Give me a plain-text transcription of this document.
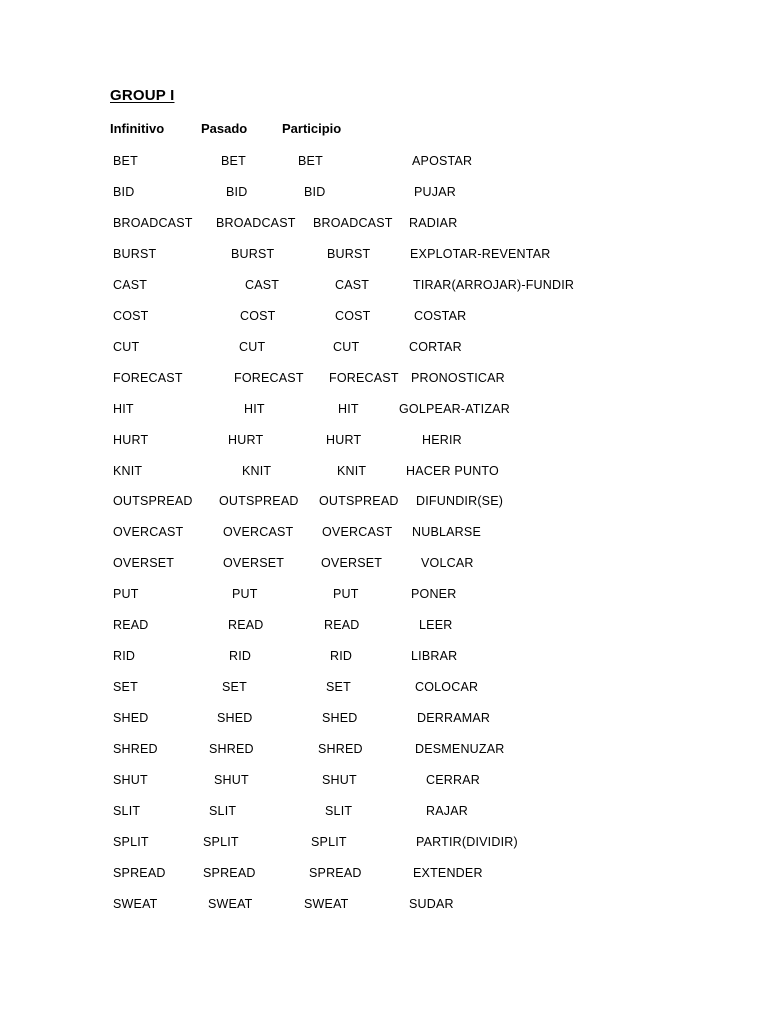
GROUP I
Infinitivo	Pasado	Participio
BET	BET	BET	APOSTAR
BID	BID	BID	PUJAR
BROADCAST BROADCAST BROADCAST RADIAR
BURST	BURST	BURST	EXPLOTAR-REVENTAR
CAST	CAST	CAST	TIRAR(ARROJAR)-FUNDIR
COST	COST	COST	COSTAR
CUT	CUT	CUT	CORTAR
FORECAST	FORECAST FORECAST PRONOSTICAR
HIT	HIT	HIT	GOLPEAR-ATIZAR
HURT	HURT	HURT	HERIR
KNIT	KNIT	KNIT	HACER PUNTO
OUTSPREAD OUTSPREAD OUTSPREAD DIFUNDIR(SE)
OVERCAST	OVERCAST OVERCAST NUBLARSE
OVERSET	OVERSET	OVERSET	VOLCAR
PUT	PUT	PUT	PONER
READ	READ	READ	LEER
RID	RID	RID	LIBRAR
SET	SET	SET	COLOCAR
SHED	SHED	SHED	DERRAMAR
SHRED	SHRED	SHRED	DESMENUZAR
SHUT	SHUT	SHUT	CERRAR
SLIT	SLIT	SLIT	RAJAR
SPLIT	SPLIT	SPLIT	PARTIR(DIVIDIR)
SPREAD	SPREAD	SPREAD	EXTENDER
SWEAT	SWEAT	SWEAT	SUDAR
